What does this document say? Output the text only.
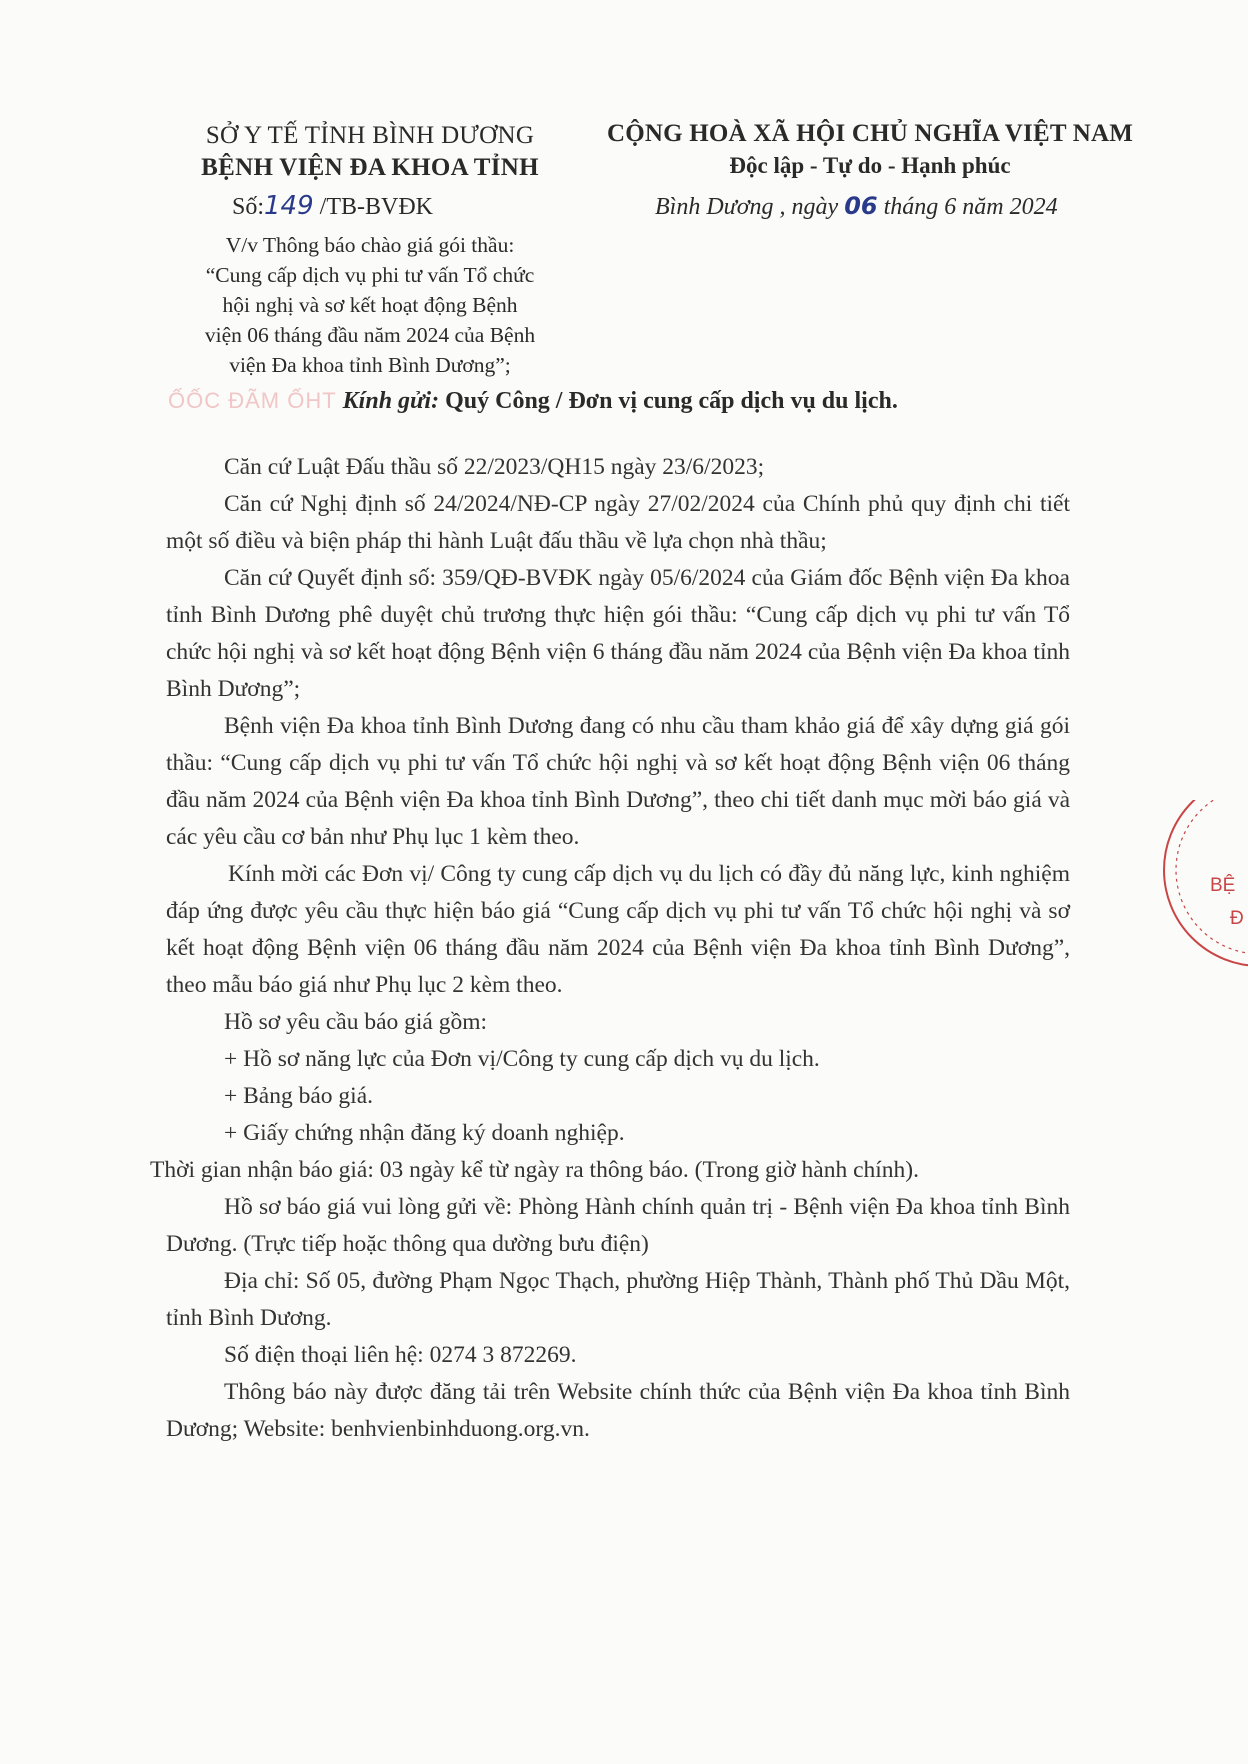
SỞ Y TẾ TỈNH BÌNH DƯƠNG
BỆNH VIỆN ĐA KHOA TỈNH
CỘNG HOÀ XÃ HỘI CHỦ NGHĨA VIỆT NAM
Độc lập - Tự do - Hạnh phúc
Số:149 /TB-BVĐK	Bình Dương , ngày 06 tháng 6 năm 2024
V/v Thông báo chào giá gói thầu:
“Cung cấp dịch vụ phi tư vấn Tổ chức
hội nghị và sơ kết hoạt động Bệnh
viện 06 tháng đầu năm 2024 của Bệnh
viện Đa khoa tỉnh Bình Dương”;
ỐỐC ĐÃM ỐHT Kính gửi: Quý Công / Đơn vị cung cấp dịch vụ du lịch.

Căn cứ Luật Đấu thầu số 22/2023/QH15 ngày 23/6/2023;

Căn cứ Nghị định số 24/2024/NĐ-CP ngày 27/02/2024 của Chính phủ quy định chi tiết một số điều và biện pháp thi hành Luật đấu thầu về lựa chọn nhà thầu;

Căn cứ Quyết định số: 359/QĐ-BVĐK ngày 05/6/2024 của Giám đốc Bệnh viện Đa khoa tỉnh Bình Dương phê duyệt chủ trương thực hiện gói thầu: “Cung cấp dịch vụ phi tư vấn Tổ chức hội nghị và sơ kết hoạt động Bệnh viện 6 tháng đầu năm 2024 của Bệnh viện Đa khoa tỉnh Bình Dương”;

Bệnh viện Đa khoa tỉnh Bình Dương đang có nhu cầu tham khảo giá để xây dựng giá gói thầu: “Cung cấp dịch vụ phi tư vấn Tổ chức hội nghị và sơ kết hoạt động Bệnh viện 06 tháng đầu năm 2024 của Bệnh viện Đa khoa tỉnh Bình Dương”, theo chi tiết danh mục mời báo giá và các yêu cầu cơ bản như Phụ lục 1 kèm theo.

Kính mời các Đơn vị/ Công ty cung cấp dịch vụ du lịch có đầy đủ năng lực, kinh nghiệm đáp ứng được yêu cầu thực hiện báo giá “Cung cấp dịch vụ phi tư vấn Tổ chức hội nghị và sơ kết hoạt động Bệnh viện 06 tháng đầu năm 2024 của Bệnh viện Đa khoa tỉnh Bình Dương”, theo mẫu báo giá như Phụ lục 2 kèm theo.

Hồ sơ yêu cầu báo giá gồm:

+ Hồ sơ năng lực của Đơn vị/Công ty cung cấp dịch vụ du lịch.

+ Bảng báo giá.

+ Giấy chứng nhận đăng ký doanh nghiệp.

Thời gian nhận báo giá: 03 ngày kể từ ngày ra thông báo. (Trong giờ hành chính).

Hồ sơ báo giá vui lòng gửi về: Phòng Hành chính quản trị - Bệnh viện Đa khoa tỉnh Bình Dương. (Trực tiếp hoặc thông qua dường bưu điện)

Địa chỉ: Số 05, đường Phạm Ngọc Thạch, phường Hiệp Thành, Thành phố Thủ Dầu Một, tỉnh Bình Dương.

Số điện thoại liên hệ: 0274 3 872269.

Thông báo này được đăng tải trên Website chính thức của Bệnh viện Đa khoa tỉnh Bình Dương; Website: benhvienbinhduong.org.vn.

BỆ
Đ
